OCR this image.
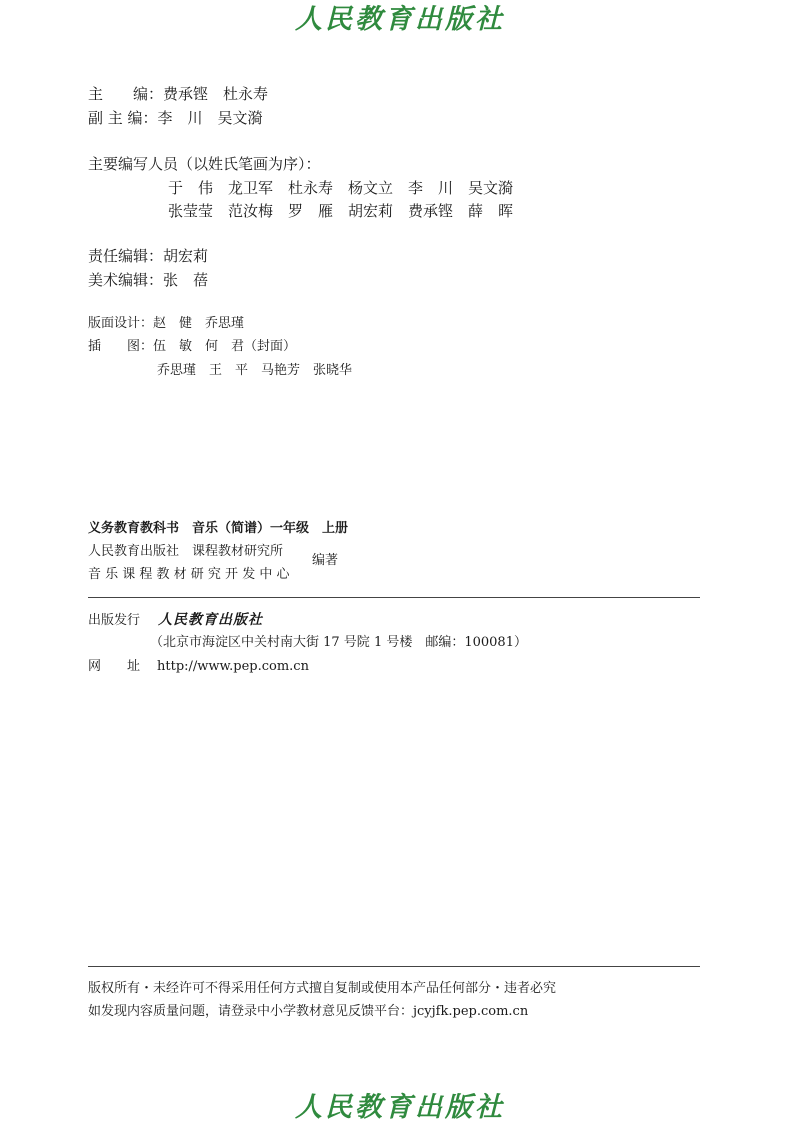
人民教育出版社
主　　编：费承铿　杜永寿
副 主 编：李　川　吴文漪
主要编写人员（以姓氏笔画为序）：
于　伟　龙卫军　杜永寿　杨文立　李　川　吴文漪
张莹莹　范汝梅　罗　雁　胡宏莉　费承铿　薛　晖
责任编辑：胡宏莉
美术编辑：张　蓓
版面设计：赵　健　乔思瑾
插　　图：伍　敏　何　君（封面）
乔思瑾　王　平　马艳芳　张晓华
义务教育教科书　音乐（简谱）一年级　上册
人民教育出版社　课程教材研究所
音 乐 课 程 教 材 研 究 开 发 中 心
编著
出版发行 人民教育出版社
（北京市海淀区中关村南大街 17 号院 1 号楼　邮编：100081）
网　　址 http://www.pep.com.cn
版权所有・未经许可不得采用任何方式擅自复制或使用本产品任何部分・违者必究
如发现内容质量问题，请登录中小学教材意见反馈平台：jcyjfk.pep.com.cn
人民教育出版社
